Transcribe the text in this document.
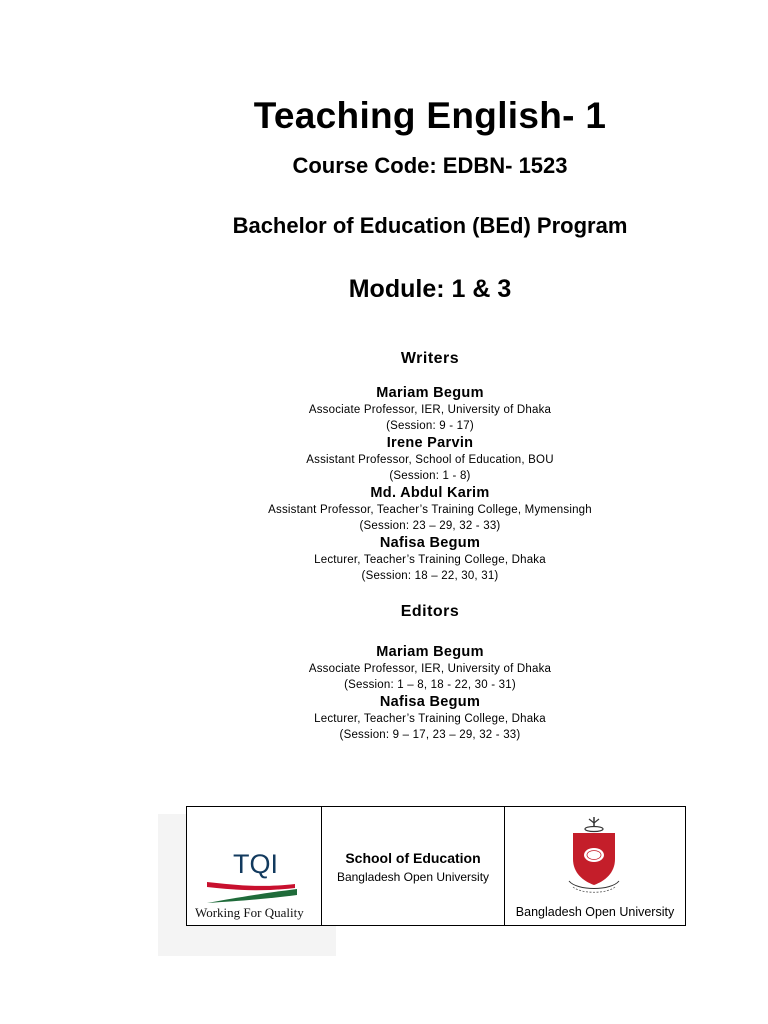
Teaching English- 1
Course Code: EDBN- 1523
Bachelor of Education (BEd) Program
Module: 1 & 3
Writers
Mariam Begum
Associate Professor, IER, University of Dhaka
(Session: 9 - 17)
Irene Parvin
Assistant Professor, School of Education, BOU
(Session: 1 - 8)
Md. Abdul Karim
Assistant Professor, Teacher’s Training College, Mymensingh
(Session: 23 – 29, 32 - 33)
Nafisa Begum
Lecturer, Teacher’s Training College, Dhaka
(Session: 18 – 22, 30, 31)
Editors
Mariam Begum
Associate Professor, IER, University of Dhaka
(Session: 1 – 8, 18 - 22, 30 - 31)
Nafisa Begum
Lecturer, Teacher’s Training College, Dhaka
(Session: 9 – 17, 23 – 29, 32 - 33)
TQI
Working For Quality
School of Education
Bangladesh Open University
Bangladesh Open University
